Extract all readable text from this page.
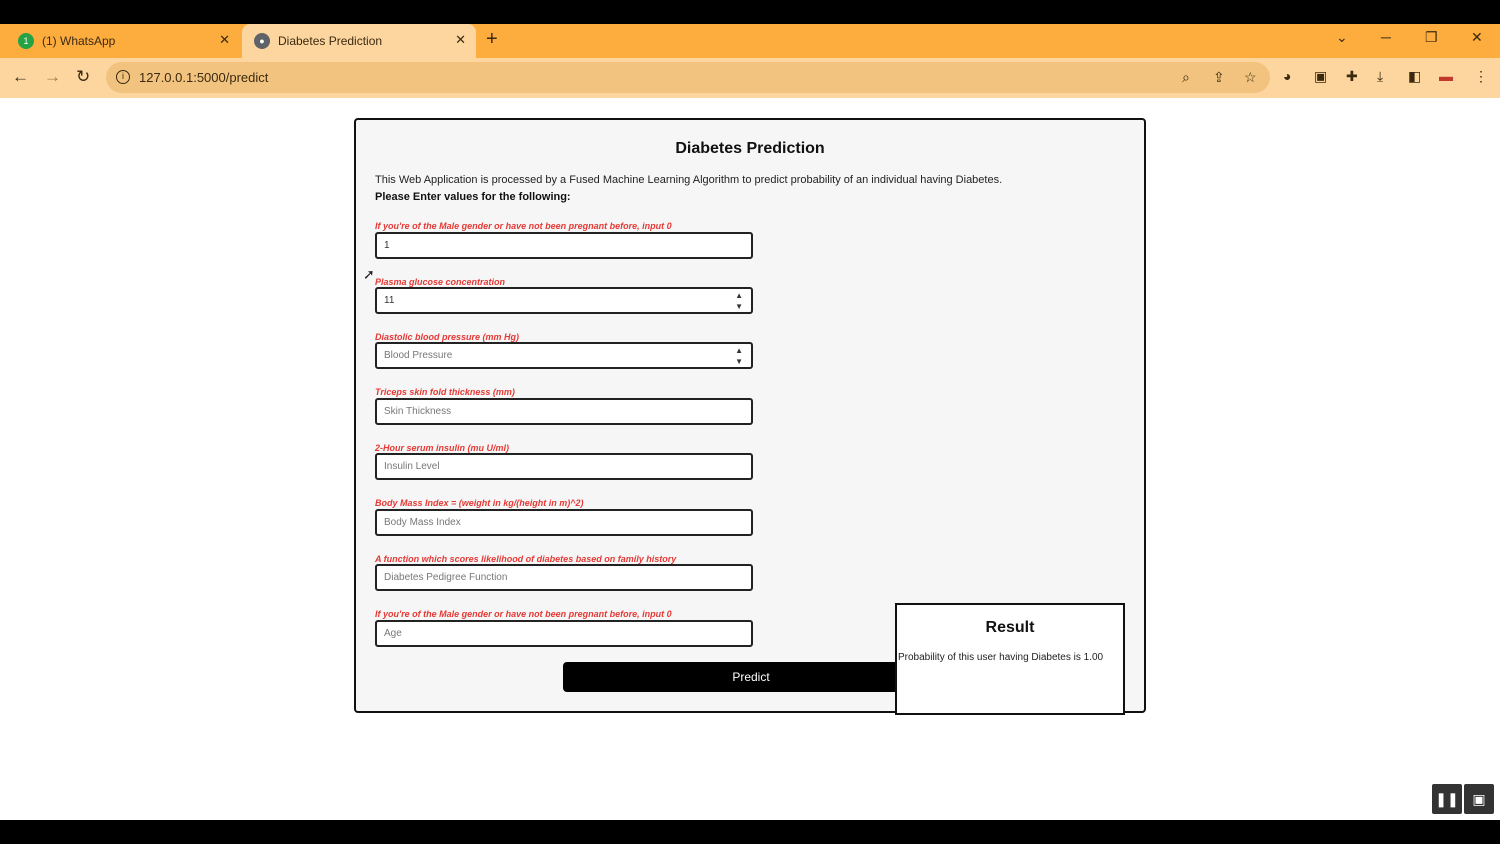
1	(1) WhatsApp	✕	●	Diabetes Prediction	✕ +	⌄ ─ ❐ ✕
← → ↻	i	127.0.0.1:5000/predict	⌕ ⇪ ☆ ◕ ▣ ✚ ⤓ ◧ ▬ ⋮
Diabetes Prediction
This Web Application is processed by a Fused Machine Learning Algorithm to predict probability of an individual having Diabetes.
Please Enter values for the following:
If you're of the Male gender or have not been pregnant before, input 0
1
Plasma glucose concentration
11	▲
▼
Diastolic blood pressure (mm Hg)
Blood Pressure	▲
▼
Triceps skin fold thickness (mm)
Skin Thickness
2-Hour serum insulin (mu U/ml)
Insulin Level
Body Mass Index = (weight in kg/(height in m)^2)
Body Mass Index
A function which scores likelihood of diabetes based on family history
Diabetes Pedigree Function
If you're of the Male gender or have not been pregnant before, input 0
Age
Predict
Result
Probability of this user having Diabetes is 1.00
➚
❚❚ ▣
